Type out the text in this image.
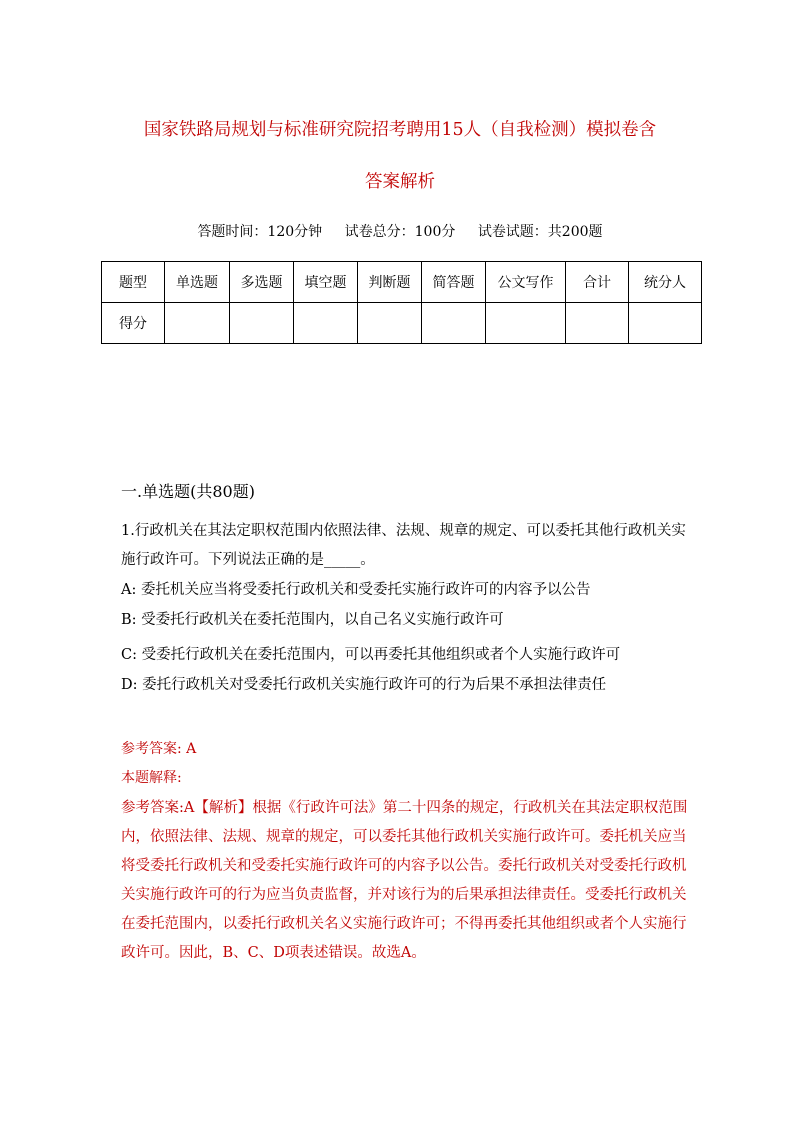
国家铁路局规划与标准研究院招考聘用15人（自我检测）模拟卷含
答案解析
答题时间：120分钟 试卷总分：100分 试卷试题：共200题
题型	单选题	多选题	填空题	判断题	简答题	公文写作	合计	统分人
得分								
一.单选题(共80题)
1.行政机关在其法定职权范围内依照法律、法规、规章的规定、可以委托其他行政机关实施行政许可。下列说法正确的是_____。
A: 委托机关应当将受委托行政机关和受委托实施行政许可的内容予以公告
B: 受委托行政机关在委托范围内，以自己名义实施行政许可
C: 受委托行政机关在委托范围内，可以再委托其他组织或者个人实施行政许可
D: 委托行政机关对受委托行政机关实施行政许可的行为后果不承担法律责任
参考答案: A
本题解释:
参考答案:A【解析】根据《行政许可法》第二十四条的规定，行政机关在其法定职权范围内，依照法律、法规、规章的规定，可以委托其他行政机关实施行政许可。委托机关应当将受委托行政机关和受委托实施行政许可的内容予以公告。委托行政机关对受委托行政机关实施行政许可的行为应当负责监督，并对该行为的后果承担法律责任。受委托行政机关在委托范围内，以委托行政机关名义实施行政许可；不得再委托其他组织或者个人实施行政许可。因此，B、C、D项表述错误。故选A。
